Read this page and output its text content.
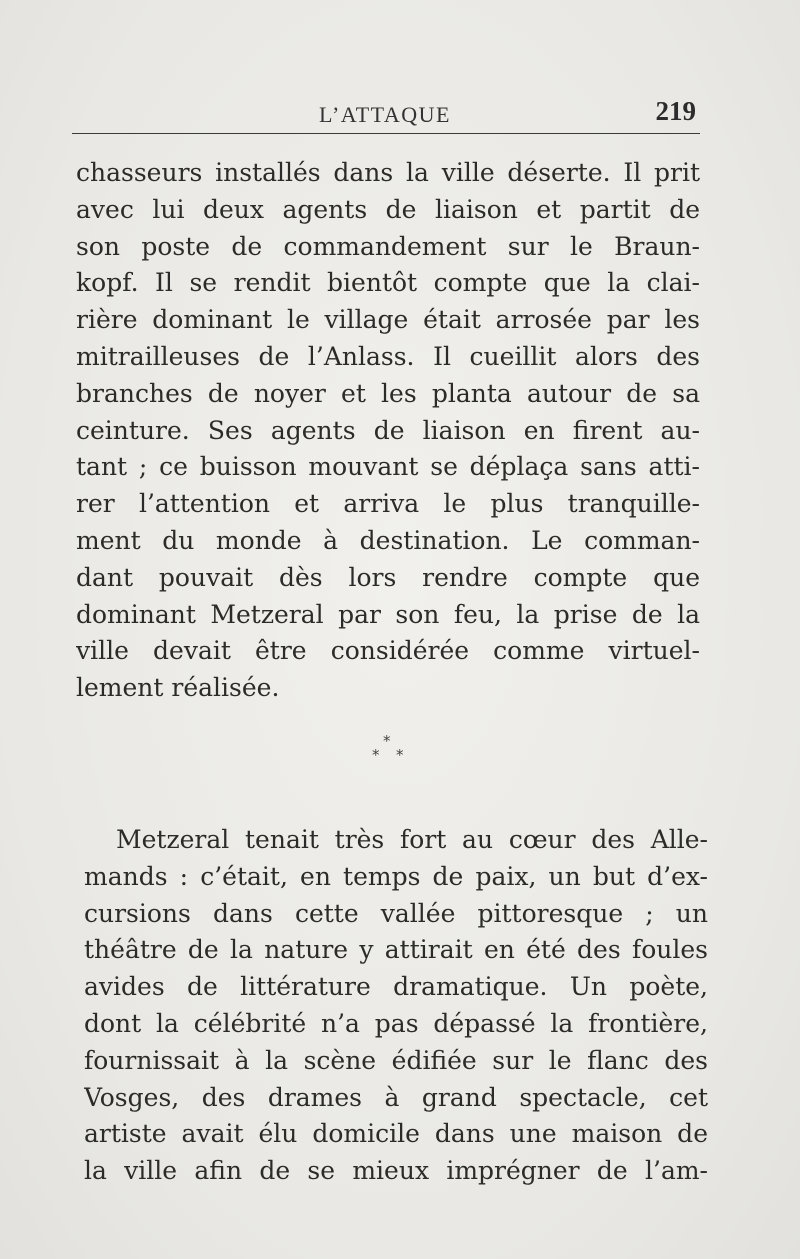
L’ATTAQUE	219

chasseurs installés dans la ville déserte. Il prit
avec lui deux agents de liaison et partit de
son poste de commandement sur le Braun-
kopf. Il se rendit bientôt compte que la clai-
rière dominant le village était arrosée par les
mitrailleuses de l’Anlass. Il cueillit alors des
branches de noyer et les planta autour de sa
ceinture. Ses agents de liaison en firent au-
tant ; ce buisson mouvant se déplaça sans atti-
rer l’attention et arriva le plus tranquille-
ment du monde à destination. Le comman-
dant pouvait dès lors rendre compte que
dominant Metzeral par son feu, la prise de la
ville devait être considérée comme virtuel-
lement réalisée.

*
* *

Metzeral tenait très fort au cœur des Alle-
mands : c’était, en temps de paix, un but d’ex-
cursions dans cette vallée pittoresque ; un
théâtre de la nature y attirait en été des foules
avides de littérature dramatique. Un poète,
dont la célébrité n’a pas dépassé la frontière,
fournissait à la scène édifiée sur le flanc des
Vosges, des drames à grand spectacle, cet
artiste avait élu domicile dans une maison de
la ville afin de se mieux imprégner de l’am-
